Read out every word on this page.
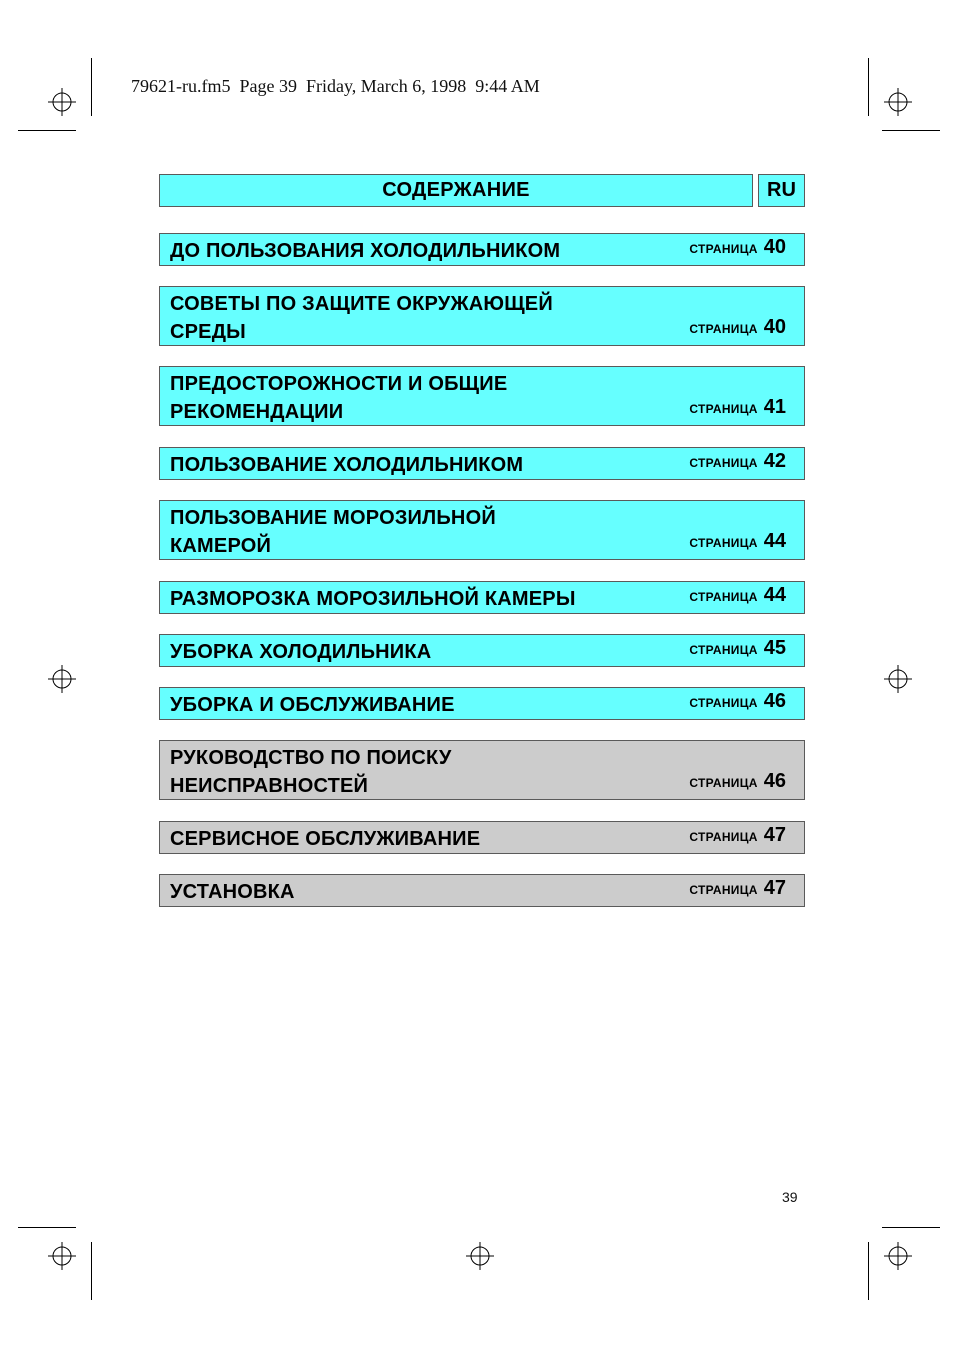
79621-ru.fm5  Page 39  Friday, March 6, 1998  9:44 AM
СОДЕРЖАНИЕ	RU
ДО ПОЛЬЗОВАНИЯ ХОЛОДИЛЬНИКОМ	СТРАНИЦА 40
СОВЕТЫ ПО ЗАЩИТЕ ОКРУЖАЮЩЕЙ
СРЕДЫ	СТРАНИЦА 40
ПРЕДОСТОРОЖНОСТИ И ОБЩИЕ
РЕКОМЕНДАЦИИ	СТРАНИЦА 41
ПОЛЬЗОВАНИЕ ХОЛОДИЛЬНИКОМ	СТРАНИЦА 42
ПОЛЬЗОВАНИЕ МОРОЗИЛЬНОЙ
КАМЕРОЙ	СТРАНИЦА 44
РАЗМОРОЗКА МОРОЗИЛЬНОЙ КАМЕРЫ	СТРАНИЦА 44
УБОРКА ХОЛОДИЛЬНИКА	СТРАНИЦА 45
УБОРКА И ОБСЛУЖИВАНИЕ	СТРАНИЦА 46
РУКОВОДСТВО ПО ПОИСКУ
НЕИСПРАВНОСТЕЙ	СТРАНИЦА 46
СЕРВИСНОЕ ОБСЛУЖИВАНИЕ	СТРАНИЦА 47
УСТАНОВКА	СТРАНИЦА 47
39
